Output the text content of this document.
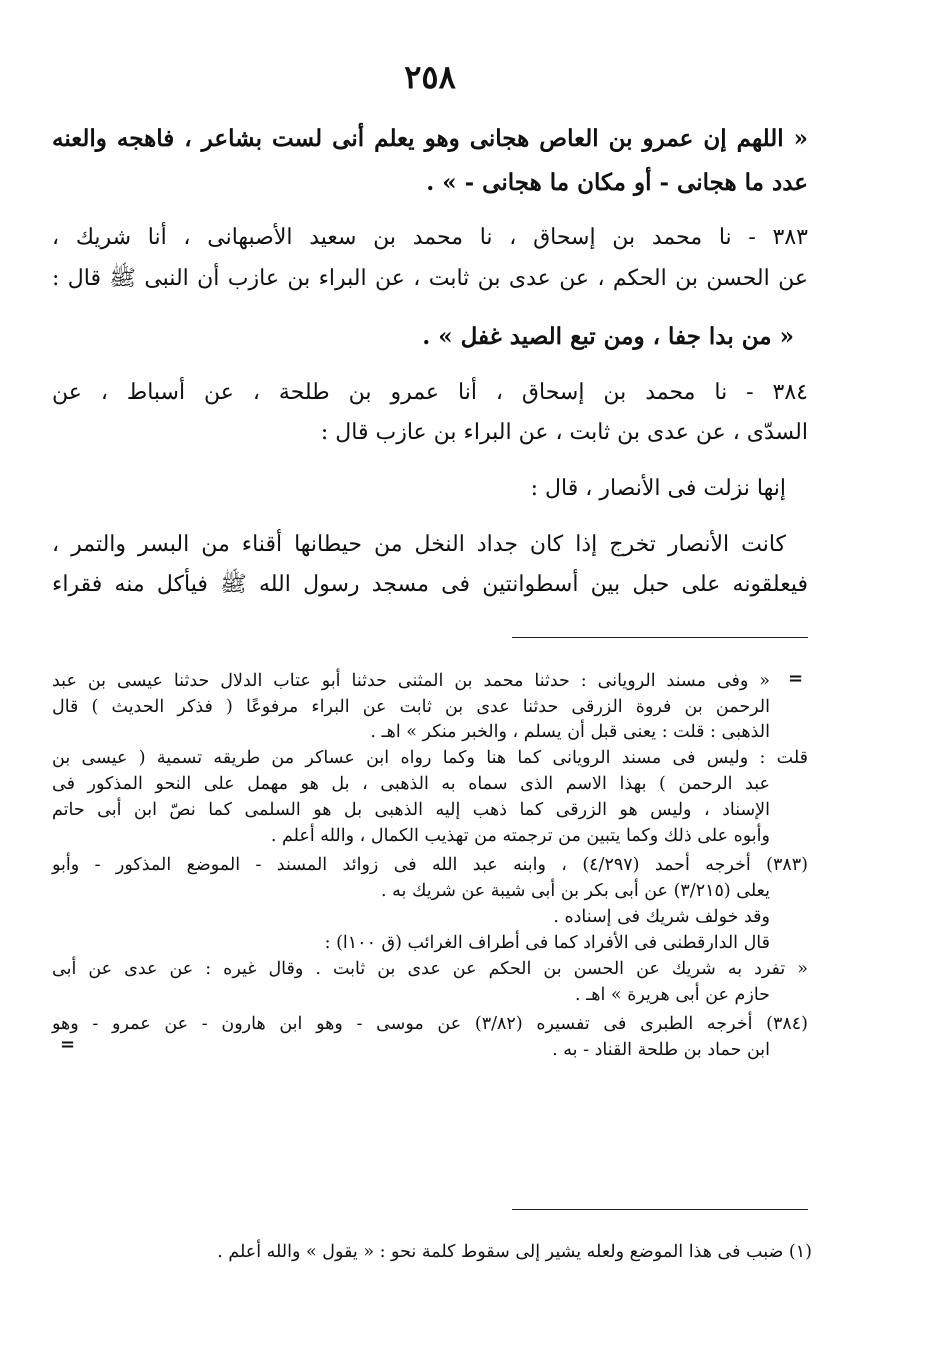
٢٥٨
« اللهم إن عمرو بن العاص هجانى وهو يعلم أنى لست بشاعر ، فاهجه والعنه
عدد ما هجانى - أو مكان ما هجانى - » .
٣٨٣ - نا محمد بن إسحاق ، نا محمد بن سعيد الأصبهانى ، أنا شريك ،
عن الحسن بن الحكم ، عن عدى بن ثابت ، عن البراء بن عازب أن النبى ﷺ قال :
« من بدا جفا ، ومن تبع الصيد غفل » .
٣٨٤ - نا محمد بن إسحاق ، أنا عمرو بن طلحة ، عن أسباط ، عن
السدّى ، عن عدى بن ثابت ، عن البراء بن عازب قال :
إنها نزلت فى الأنصار ، قال :
كانت الأنصار تخرج إذا كان جداد النخل من حيطانها أقناء من البسر والتمر ،
فيعلقونه على حبل بين أسطوانتين فى مسجد رسول الله ﷺ فيأكل منه فقراء
=
« وفى مسند الرويانى : حدثنا محمد بن المثنى حدثنا أبو عتاب الدلال حدثنا عيسى بن عبد
الرحمن بن فروة الزرقى حدثنا عدى بن ثابت عن البراء مرفوعًا ( فذكر الحديث ) قال
الذهبى : قلت : يعنى قبل أن يسلم ، والخبر منكر » اهـ .
قلت : وليس فى مسند الرويانى كما هنا وكما رواه ابن عساكر من طريقه تسمية ( عيسى بن
عبد الرحمن ) بهذا الاسم الذى سماه به الذهبى ، بل هو مهمل على النحو المذكور فى
الإسناد ، وليس هو الزرقى كما ذهب إليه الذهبى بل هو السلمى كما نصّ ابن أبى حاتم
وأبوه على ذلك وكما يتبين من ترجمته من تهذيب الكمال ، والله أعلم .
(٣٨٣) أخرجه أحمد (٤/٢٩٧) ، وابنه عبد الله فى زوائد المسند - الموضع المذكور - وأبو
يعلى (٣/٢١٥) عن أبى بكر بن أبى شيبة عن شريك به .
وقد خولف شريك فى إسناده .
قال الدارقطنى فى الأفراد كما فى أطراف الغرائب (ق ١٠٠ا) :
« تفرد به شريك عن الحسن بن الحكم عن عدى بن ثابت . وقال غيره : عن عدى عن أبى
حازم عن أبى هريرة » اهـ .
(٣٨٤) أخرجه الطبرى فى تفسيره (٣/٨٢) عن موسى - وهو ابن هارون - عن عمرو - وهو
ابن حماد بن طلحة القناد - به .
=
(١) ضبب فى هذا الموضع ولعله يشير إلى سقوط كلمة نحو : « يقول » والله أعلم .
